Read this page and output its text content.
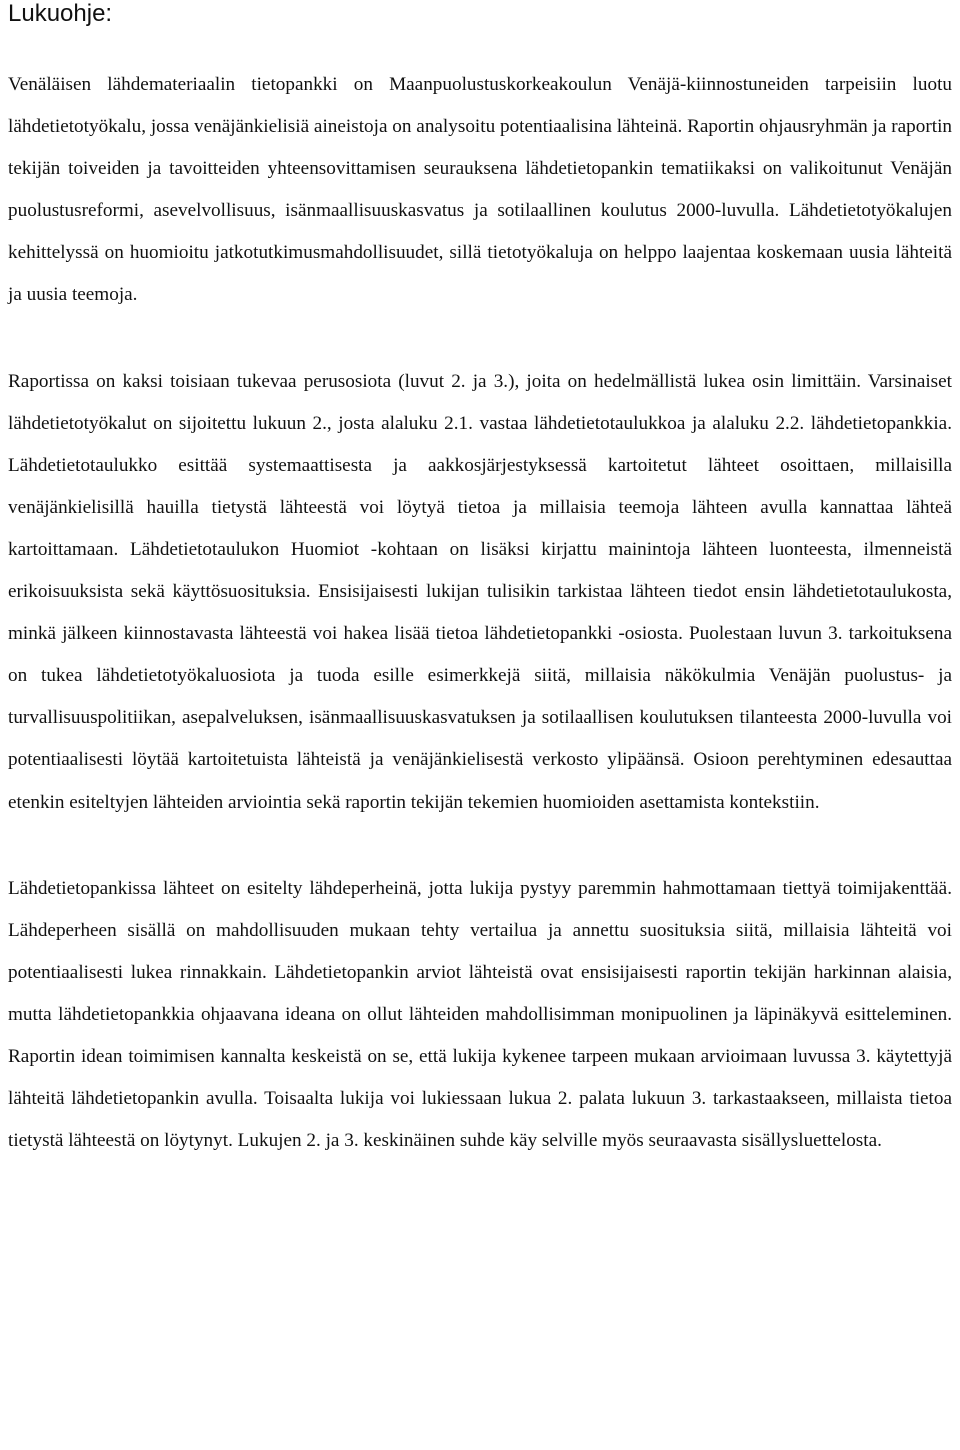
Lukuohje:

Venäläisen lähdemateriaalin tietopankki on Maanpuolustuskorkeakoulun Venäjä-kiinnostuneiden tarpeisiin luotu lähdetietotyökalu, jossa venäjänkielisiä aineistoja on analysoitu potentiaalisina lähteinä. Raportin ohjausryhmän ja raportin tekijän toiveiden ja tavoitteiden yhteensovittamisen seurauksena lähdetietopankin tematiikaksi on valikoitunut Venäjän puolustusreformi, asevelvollisuus, isänmaallisuuskasvatus ja sotilaallinen koulutus 2000-luvulla. Lähdetietotyökalujen kehittelyssä on huomioitu jatkotutkimusmahdollisuudet, sillä tietotyökaluja on helppo laajentaa koskemaan uusia lähteitä ja uusia teemoja.

Raportissa on kaksi toisiaan tukevaa perusosiota (luvut 2. ja 3.), joita on hedelmällistä lukea osin limittäin. Varsinaiset lähdetietotyökalut on sijoitettu lukuun 2., josta alaluku 2.1. vastaa lähdetietotaulukkoa ja alaluku 2.2. lähdetietopankkia. Lähdetietotaulukko esittää systemaattisesta ja aakkosjärjestyksessä kartoitetut lähteet osoittaen, millaisilla venäjänkielisillä hauilla tietystä lähteestä voi löytyä tietoa ja millaisia teemoja lähteen avulla kannattaa lähteä kartoittamaan. Lähdetietotaulukon Huomiot -kohtaan on lisäksi kirjattu mainintoja lähteen luonteesta, ilmenneistä erikoisuuksista sekä käyttösuosituksia. Ensisijaisesti lukijan tulisikin tarkistaa lähteen tiedot ensin lähdetietotaulukosta, minkä jälkeen kiinnostavasta lähteestä voi hakea lisää tietoa lähdetietopankki -osiosta. Puolestaan luvun 3. tarkoituksena on tukea lähdetietotyökaluosiota ja tuoda esille esimerkkejä siitä, millaisia näkökulmia Venäjän puolustus- ja turvallisuuspolitiikan, asepalveluksen, isänmaallisuuskasvatuksen ja sotilaallisen koulutuksen tilanteesta 2000-luvulla voi potentiaalisesti löytää kartoitetuista lähteistä ja venäjänkielisestä verkosto ylipäänsä. Osioon perehtyminen edesauttaa etenkin esiteltyjen lähteiden arviointia sekä raportin tekijän tekemien huomioiden asettamista kontekstiin.

Lähdetietopankissa lähteet on esitelty lähdeperheinä, jotta lukija pystyy paremmin hahmottamaan tiettyä toimijakenttää. Lähdeperheen sisällä on mahdollisuuden mukaan tehty vertailua ja annettu suosituksia siitä, millaisia lähteitä voi potentiaalisesti lukea rinnakkain. Lähdetietopankin arviot lähteistä ovat ensisijaisesti raportin tekijän harkinnan alaisia, mutta lähdetietopankkia ohjaavana ideana on ollut lähteiden mahdollisimman monipuolinen ja läpinäkyvä esitteleminen. Raportin idean toimimisen kannalta keskeistä on se, että lukija kykenee tarpeen mukaan arvioimaan luvussa 3. käytettyjä lähteitä lähdetietopankin avulla. Toisaalta lukija voi lukiessaan lukua 2. palata lukuun 3. tarkastaakseen, millaista tietoa tietystä lähteestä on löytynyt. Lukujen 2. ja 3. keskinäinen suhde käy selville myös seuraavasta sisällysluettelosta.
